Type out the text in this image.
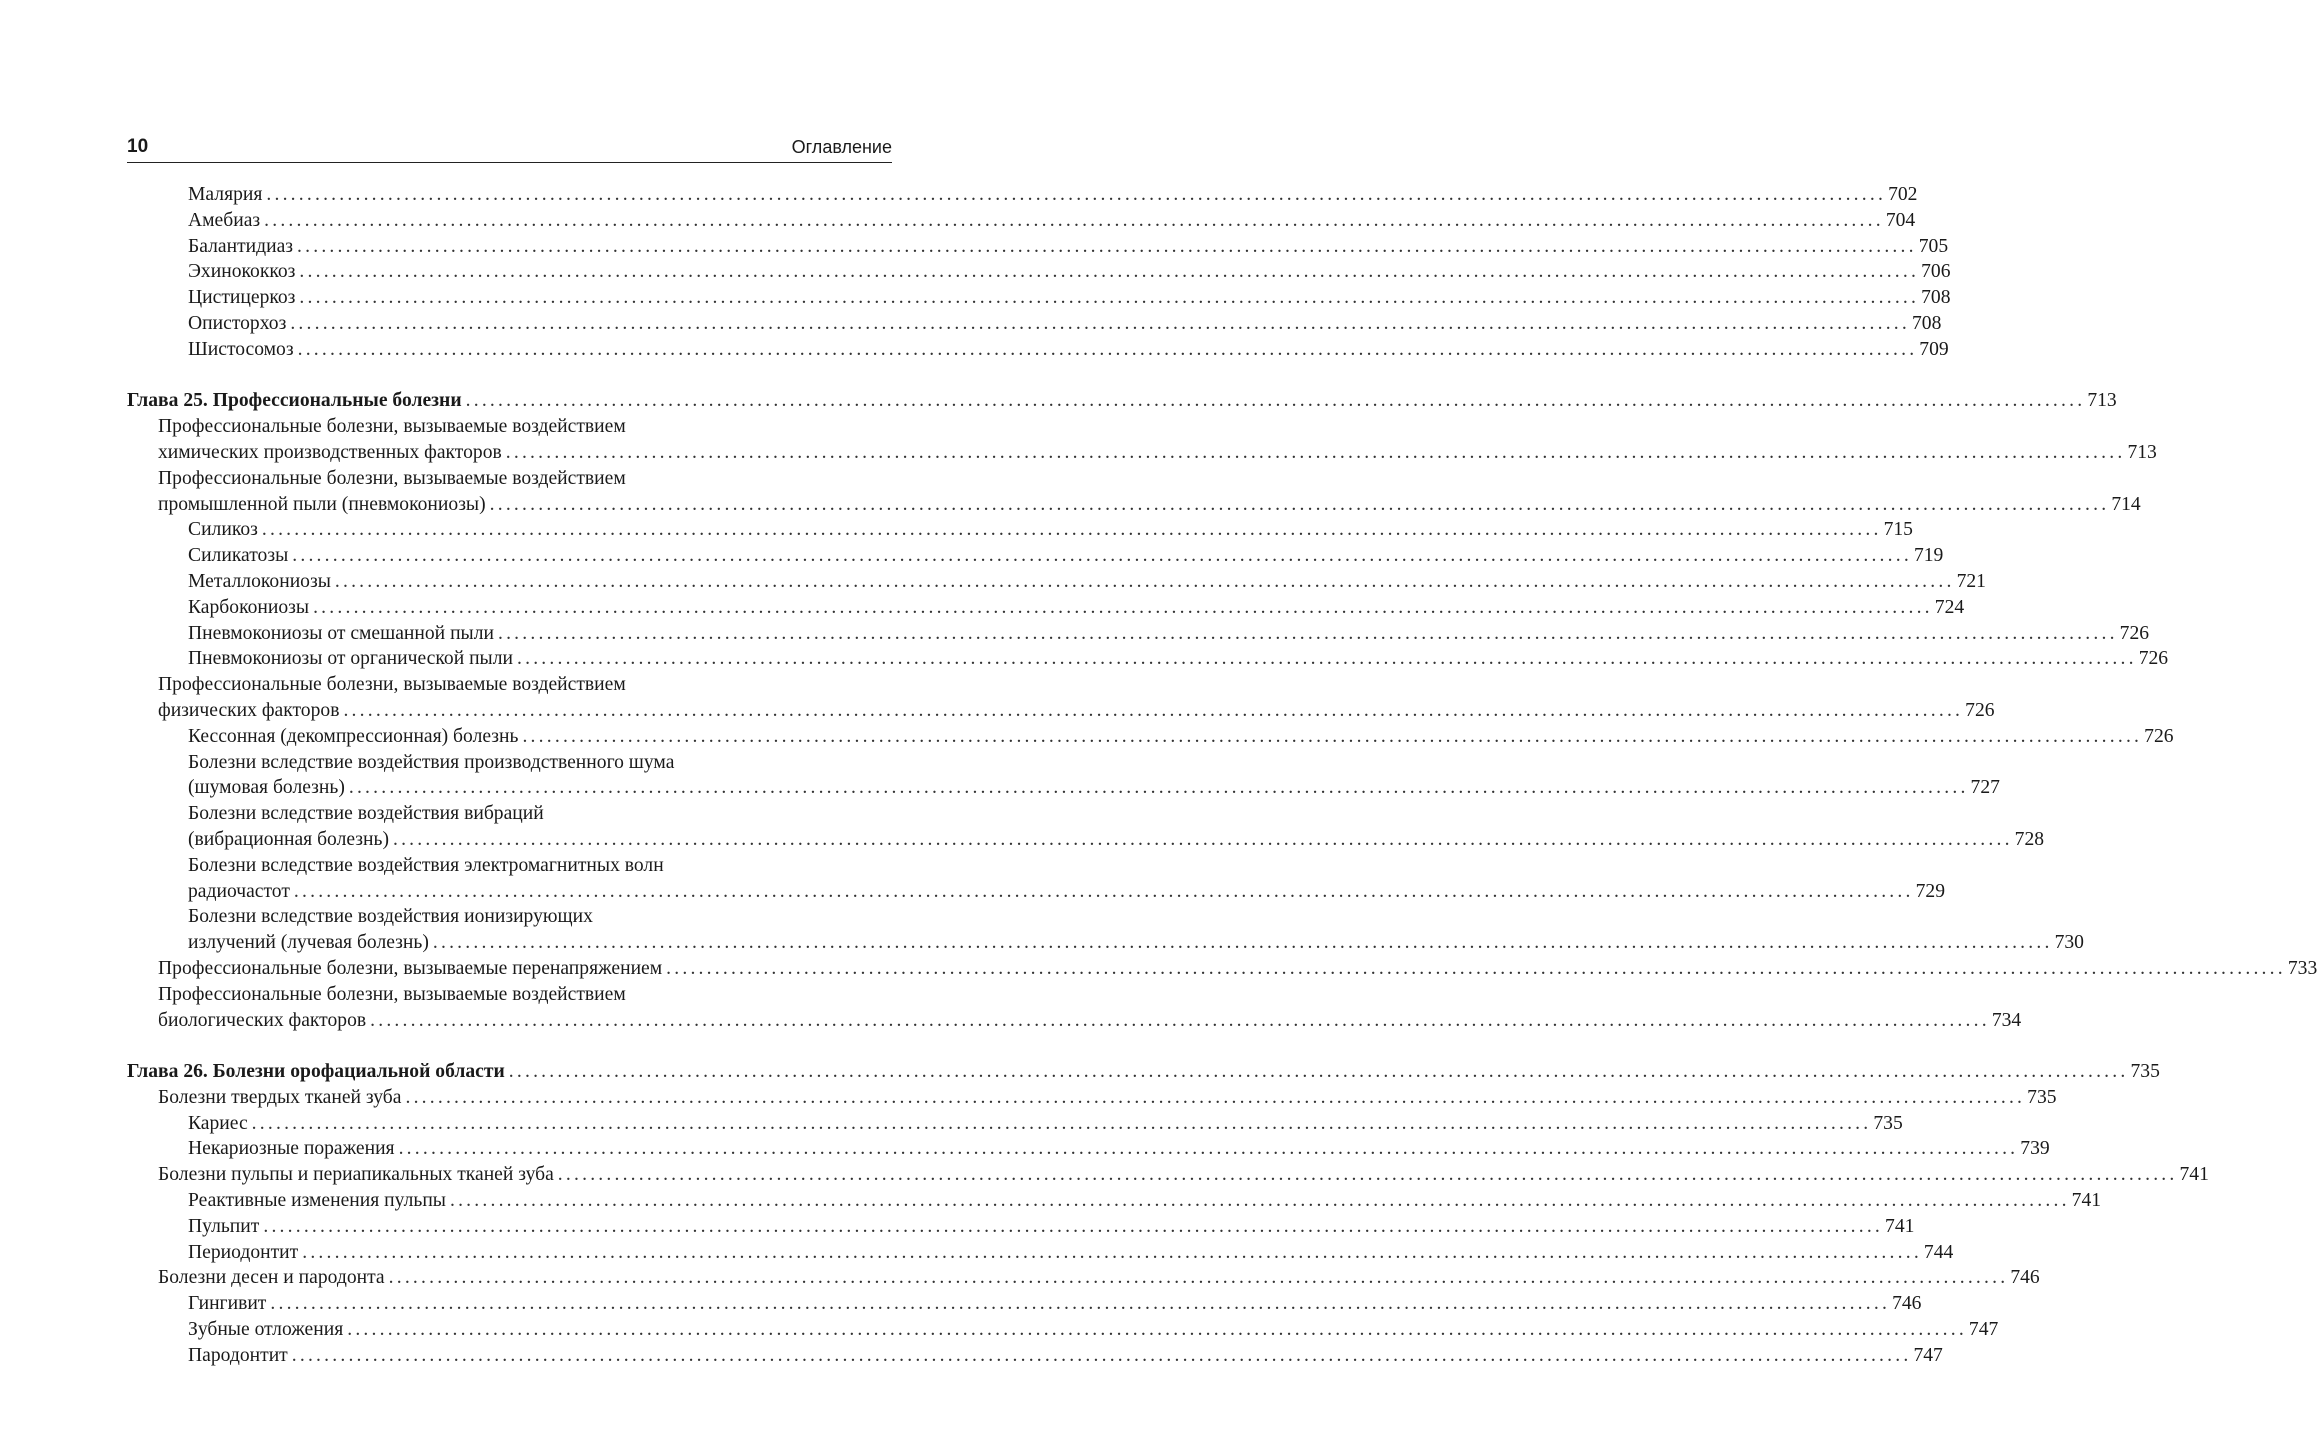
10	Оглавление
Малярия ........................................................................................................................................................................................................ 702
Амебиаз ........................................................................................................................................................................................................ 704
Балантидиаз ........................................................................................................................................................................................................ 705
Эхинококкоз ........................................................................................................................................................................................................ 706
Цистицеркоз ........................................................................................................................................................................................................ 708
Описторхоз ........................................................................................................................................................................................................ 708
Шистосомоз ........................................................................................................................................................................................................ 709
Глава 25. Профессиональные болезни ........................................................................................................................................................................................................ 713
Профессиональные болезни, вызываемые воздействием
химических производственных факторов ........................................................................................................................................................................................................ 713
Профессиональные болезни, вызываемые воздействием
промышленной пыли (пневмокониозы) ........................................................................................................................................................................................................ 714
Силикоз ........................................................................................................................................................................................................ 715
Силикатозы ........................................................................................................................................................................................................ 719
Металлокониозы ........................................................................................................................................................................................................ 721
Карбокониозы ........................................................................................................................................................................................................ 724
Пневмокониозы от смешанной пыли ........................................................................................................................................................................................................ 726
Пневмокониозы от органической пыли ........................................................................................................................................................................................................ 726
Профессиональные болезни, вызываемые воздействием
физических факторов ........................................................................................................................................................................................................ 726
Кессонная (декомпрессионная) болезнь ........................................................................................................................................................................................................ 726
Болезни вследствие воздействия производственного шума
(шумовая болезнь) ........................................................................................................................................................................................................ 727
Болезни вследствие воздействия вибраций
(вибрационная болезнь) ........................................................................................................................................................................................................ 728
Болезни вследствие воздействия электромагнитных волн
радиочастот ........................................................................................................................................................................................................ 729
Болезни вследствие воздействия ионизирующих
излучений (лучевая болезнь) ........................................................................................................................................................................................................ 730
Профессиональные болезни, вызываемые перенапряжением ........................................................................................................................................................................................................ 733
Профессиональные болезни, вызываемые воздействием
биологических факторов ........................................................................................................................................................................................................ 734
Глава 26. Болезни орофациальной области ........................................................................................................................................................................................................ 735
Болезни твердых тканей зуба ........................................................................................................................................................................................................ 735
Кариес ........................................................................................................................................................................................................ 735
Некариозные поражения ........................................................................................................................................................................................................ 739
Болезни пульпы и периапикальных тканей зуба ........................................................................................................................................................................................................ 741
Реактивные изменения пульпы ........................................................................................................................................................................................................ 741
Пульпит ........................................................................................................................................................................................................ 741
Периодонтит ........................................................................................................................................................................................................ 744
Болезни десен и пародонта ........................................................................................................................................................................................................ 746
Гингивит ........................................................................................................................................................................................................ 746
Зубные отложения ........................................................................................................................................................................................................ 747
Пародонтит ........................................................................................................................................................................................................ 747
